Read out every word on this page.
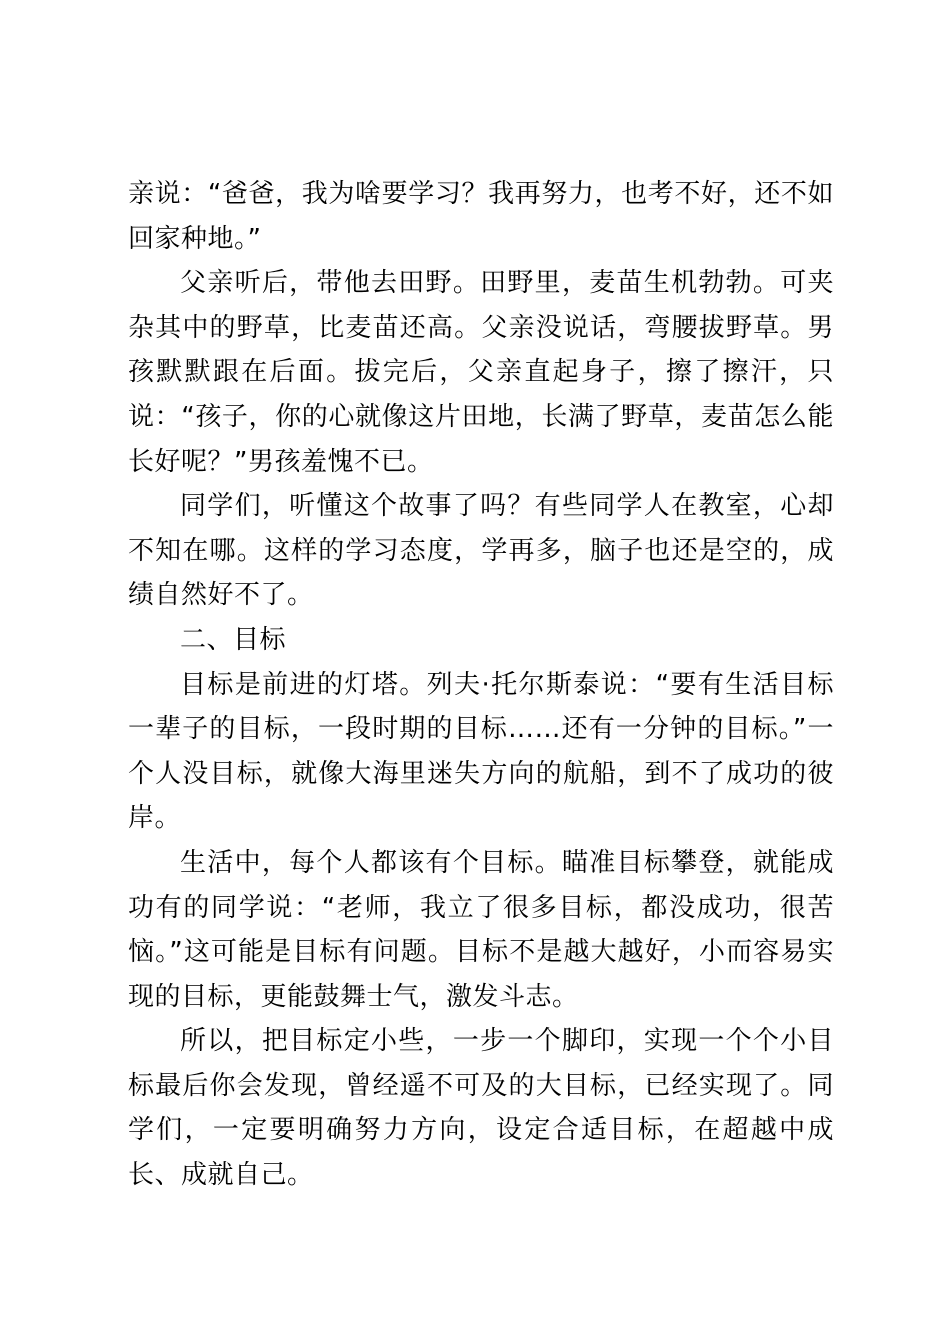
亲说：“爸爸，我为啥要学习？我再努力，也考不好，还不如回家种地。”

父亲听后，带他去田野。田野里，麦苗生机勃勃。可夹杂其中的野草，比麦苗还高。父亲没说话，弯腰拔野草。男孩默默跟在后面。拔完后，父亲直起身子，擦了擦汗，只说：“孩子，你的心就像这片田地，长满了野草，麦苗怎么能长好呢？”男孩羞愧不已。

同学们，听懂这个故事了吗？有些同学人在教室，心却不知在哪。这样的学习态度，学再多，脑子也还是空的，成绩自然好不了。

二、目标

目标是前进的灯塔。列夫·托尔斯泰说：“要有生活目标一辈子的目标，一段时期的目标……还有一分钟的目标。”一个人没目标，就像大海里迷失方向的航船，到不了成功的彼岸。

生活中，每个人都该有个目标。瞄准目标攀登，就能成功有的同学说：“老师，我立了很多目标，都没成功，很苦恼。”这可能是目标有问题。目标不是越大越好，小而容易实现的目标，更能鼓舞士气，激发斗志。

所以，把目标定小些，一步一个脚印，实现一个个小目标最后你会发现，曾经遥不可及的大目标，已经实现了。同学们，一定要明确努力方向，设定合适目标，在超越中成长、成就自己。
